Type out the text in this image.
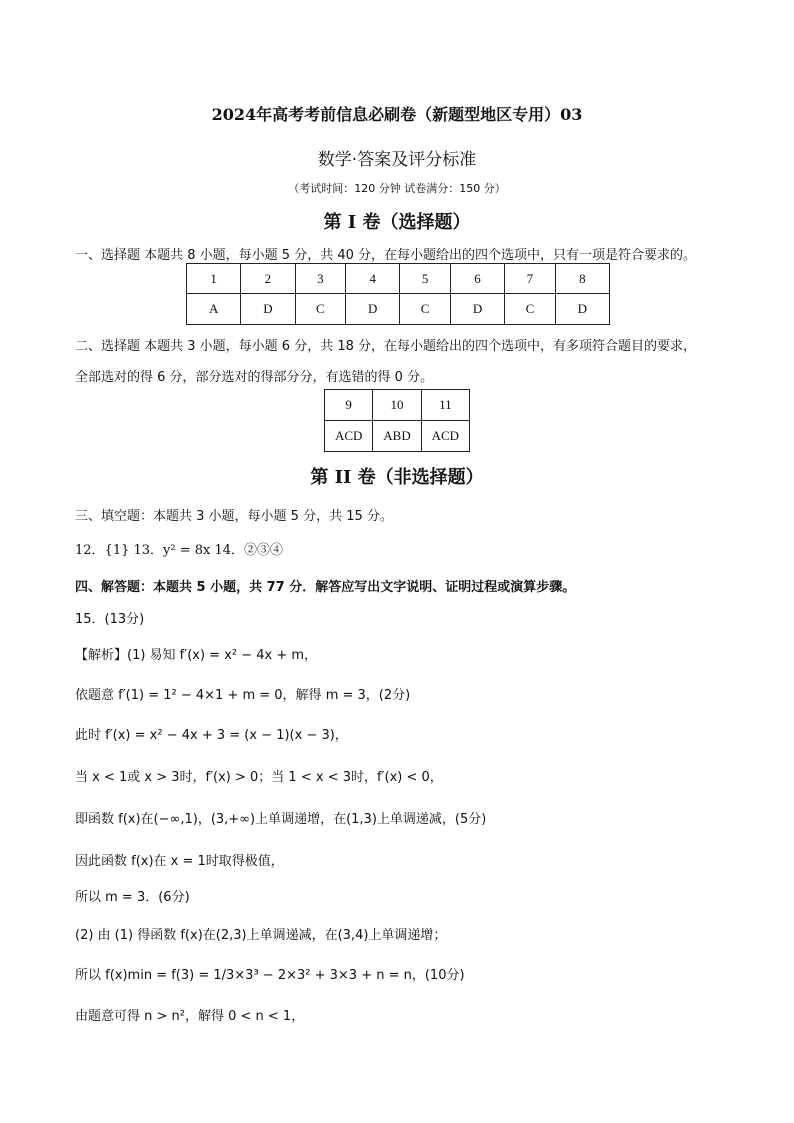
2024年高考考前信息必刷卷（新题型地区专用）03
数学·答案及评分标准
（考试时间：120 分钟 试卷满分：150 分）
第 I 卷（选择题）
一、选择题 本题共 8 小题，每小题 5 分，共 40 分，在每小题给出的四个选项中，只有一项是符合要求的。
1	2	3	4	5	6	7	8
A	D	C	D	C	D	C	D
二、选择题 本题共 3 小题，每小题 6 分，共 18 分，在每小题给出的四个选项中，有多项符合题目的要求，
全部选对的得 6 分，部分选对的得部分分，有选错的得 0 分。
9	10	11
ACD	ABD	ACD
第 II 卷（非选择题）
三、填空题：本题共 3 小题，每小题 5 分，共 15 分。
12．{1} 13．y² = 8x 14．②③④
四、解答题：本题共 5 小题，共 77 分．解答应写出文字说明、证明过程或演算步骤。
15．(13分)
【解析】(1) 易知 f′(x) = x² − 4x + m，
依题意 f′(1) = 1² − 4×1 + m = 0，解得 m = 3，(2分)
此时 f′(x) = x² − 4x + 3 = (x − 1)(x − 3)，
当 x < 1或 x > 3时，f′(x) > 0；当 1 < x < 3时，f′(x) < 0，
即函数 f(x)在(−∞,1)，(3,+∞)上单调递增，在(1,3)上单调递减，(5分)
因此函数 f(x)在 x = 1时取得极值，
所以 m = 3．(6分)
(2) 由 (1) 得函数 f(x)在(2,3)上单调递减，在(3,4)上单调递增；
所以 f(x)min = f(3) = 1/3×3³ − 2×3² + 3×3 + n = n，(10分)
由题意可得 n > n²，解得 0 < n < 1，
